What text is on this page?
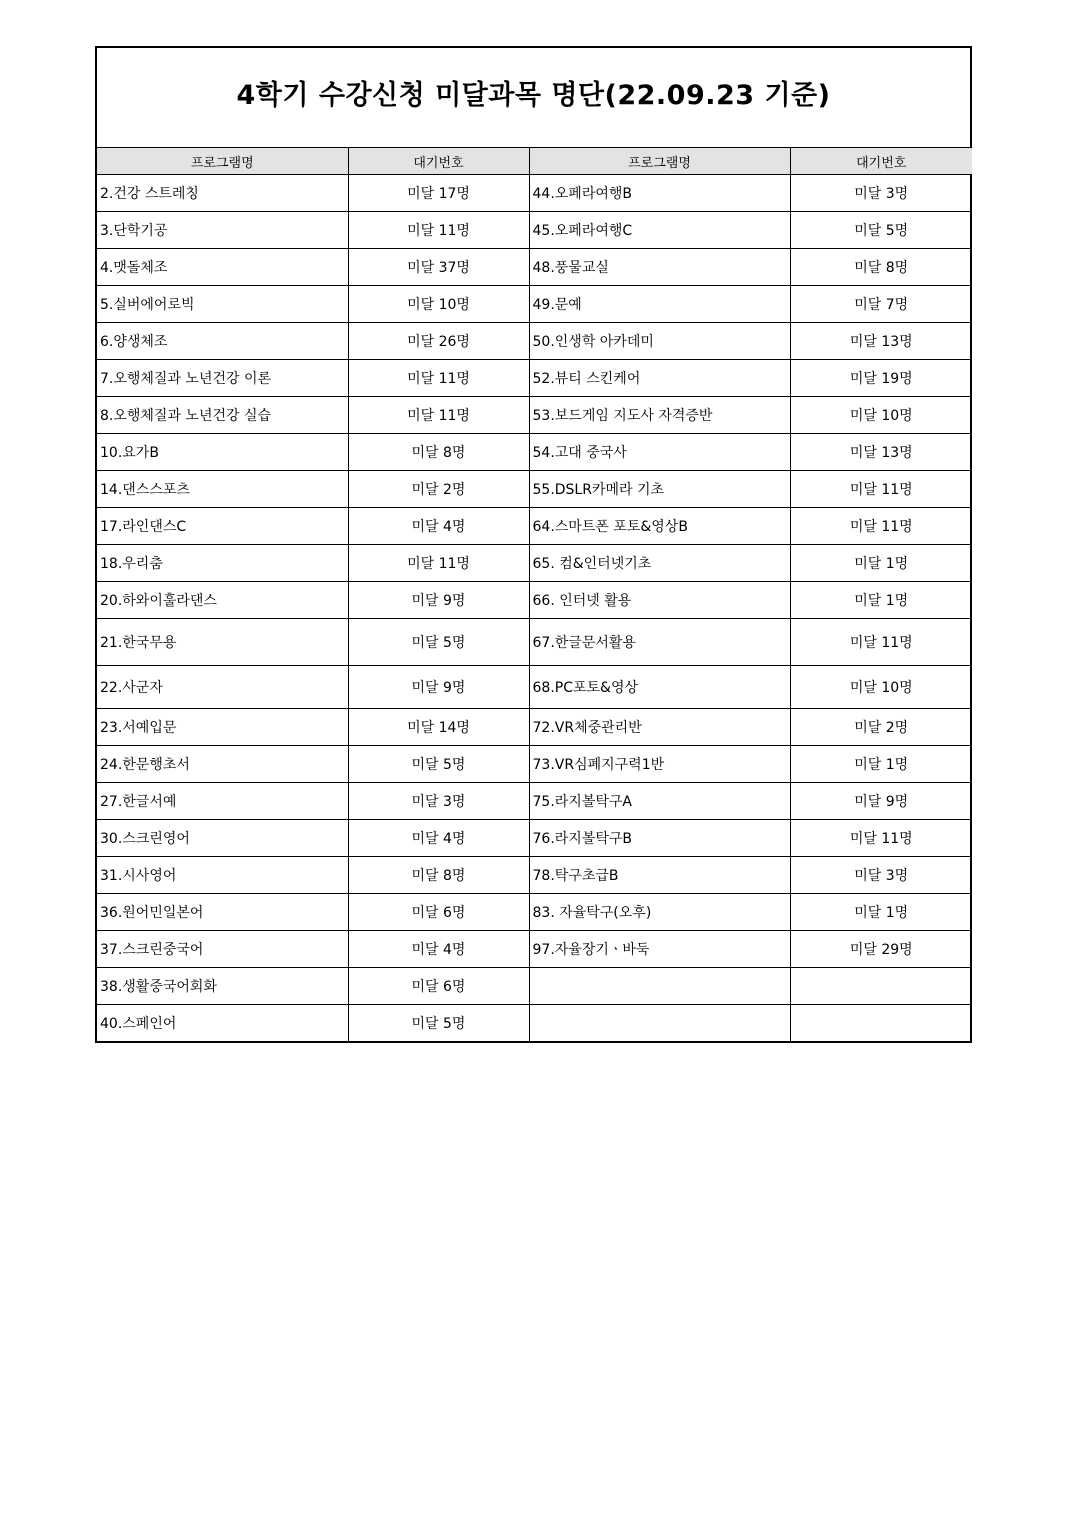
4학기 수강신청 미달과목 명단(22.09.23 기준)
프로그램명	대기번호	프로그램명	대기번호
2.건강 스트레칭	미달 17명	44.오페라여행B	미달 3명
3.단학기공	미달 11명	45.오페라여행C	미달 5명
4.맷돌체조	미달 37명	48.풍물교실	미달 8명
5.실버에어로빅	미달 10명	49.문예	미달 7명
6.양생체조	미달 26명	50.인생학 아카데미	미달 13명
7.오행체질과 노년건강 이론	미달 11명	52.뷰티 스킨케어	미달 19명
8.오행체질과 노년건강 실습	미달 11명	53.보드게임 지도사 자격증반	미달 10명
10.요가B	미달 8명	54.고대 중국사	미달 13명
14.댄스스포츠	미달 2명	55.DSLR카메라 기초	미달 11명
17.라인댄스C	미달 4명	64.스마트폰 포토&영상B	미달 11명
18.우리춤	미달 11명	65. 컴&인터넷기초	미달 1명
20.하와이훌라댄스	미달 9명	66. 인터넷 활용	미달 1명
21.한국무용	미달 5명	67.한글문서활용	미달 11명
22.사군자	미달 9명	68.PC포토&영상	미달 10명
23.서예입문	미달 14명	72.VR체중관리반	미달 2명
24.한문행초서	미달 5명	73.VR심폐지구력1반	미달 1명
27.한글서예	미달 3명	75.라지볼탁구A	미달 9명
30.스크린영어	미달 4명	76.라지볼탁구B	미달 11명
31.시사영어	미달 8명	78.탁구초급B	미달 3명
36.원어민일본어	미달 6명	83. 자율탁구(오후)	미달 1명
37.스크린중국어	미달 4명	97.자율장기ㆍ바둑	미달 29명
38.생활중국어회화	미달 6명		
40.스페인어	미달 5명		
